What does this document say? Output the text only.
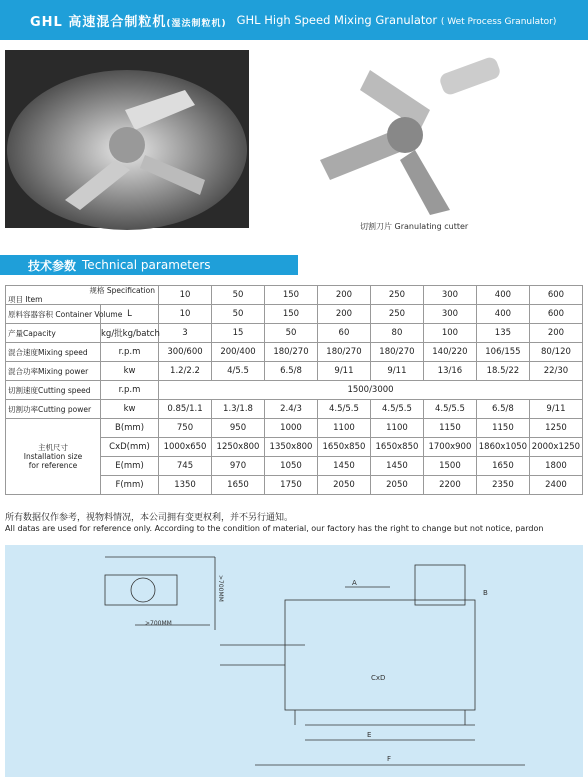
GHL 高速混合制粒机(湿法制粒机) GHL High Speed Mixing Granulator ( Wet Process Granulator)
切割刀片 Granulating cutter
技术参数 Technical parameters
规格 Specification
项目 Item		10	50	150	200	250	300	400	600
原料容器容积 Container Volume	L	10	50	150	200	250	300	400	600
产量Capacity	kg/批kg/batch	3	15	50	60	80	100	135	200
混合速度Mixing speed	r.p.m	300/600	200/400	180/270	180/270	180/270	140/220	106/155	80/120
混合功率Mixing power	kw	1.2/2.2	4/5.5	6.5/8	9/11	9/11	13/16	18.5/22	22/30
切割速度Cutting speed	r.p.m	1500/3000							
切割功率Cutting power	kw	0.85/1.1	1.3/1.8	2.4/3	4.5/5.5	4.5/5.5	4.5/5.5	6.5/8	9/11

主机尺寸
Installation size for reference	B(mm)	750	950	1000	1100	1100	1150	1150	1250
	CxD(mm)	1000x650	1250x800	1350x800	1650x850	1650x850	1700x900	1860x1050	2000x1250
	E(mm)	745	970	1050	1450	1450	1500	1650	1800
	F(mm)	1350	1650	1750	2050	2050	2200	2350	2400
所有数据仅作参考，视物料情况，本公司拥有变更权利，并不另行通知。
All datas are used for reference only. According to the condition of material, our factory has the right to change but not notice, pardon
A
CxD
E
F
B
>700MM
>700MM
